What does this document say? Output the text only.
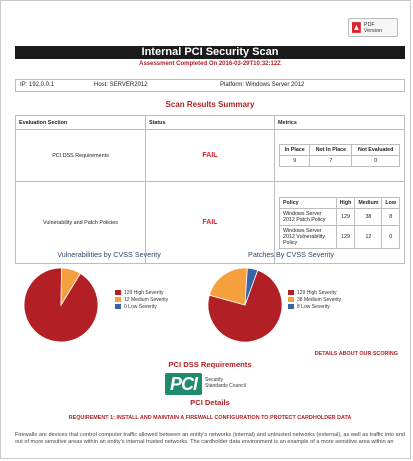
PDF Version
Internal PCI Security Scan
Assessment Completed On 2016-03-29T10:32:12Z
IP: 192.0.0.1	Host: SERVER2012	Platform: Windows Server 2012
Scan Results Summary
Evaluation Section	Status	Metrics
PCI DSS Requirements	FAIL	
In Place	Not In Place	Not Evaluated
9	7	0

Vulnerability and Patch Policies	FAIL	
Policy	High	Medium	Low
Windows Server 2012 Patch Policy	129	38	8
Windows Server 2012 Vulnerability Policy	129	12	0
Vulnerabilities by CVSS Severity
129 High Severity
12 Medium Severity
0 Low Severity
Patches By CVSS Severity
129 High Severity
38 Medium Severity
8 Low Severity
DETAILS ABOUT OUR SCORING
PCI DSS Requirements
PCI	Security
Standards Council
PCI Details
REQUIREMENT 1: INSTALL AND MAINTAIN A FIREWALL CONFIGURATION TO PROTECT CARDHOLDER DATA
Firewalls are devices that control computer traffic allowed between an entity's networks (internal) and untrusted networks (external), as well as traffic into and out of more sensitive areas within an entity's internal trusted networks. The cardholder data environment is an example of a more sensitive area within an
